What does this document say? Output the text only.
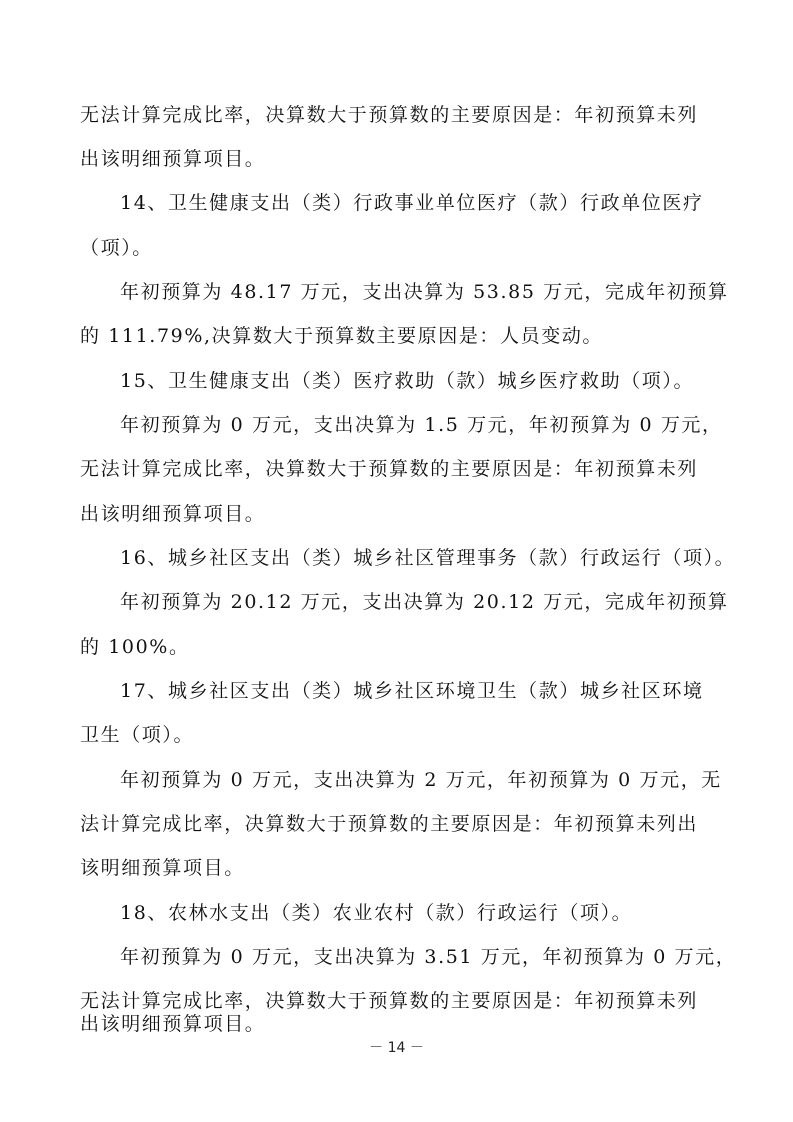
无法计算完成比率，决算数大于预算数的主要原因是：年初预算未列
出该明细预算项目。
14、卫生健康支出（类）行政事业单位医疗（款）行政单位医疗
（项）。
年初预算为 48.17 万元，支出决算为 53.85 万元，完成年初预算
的 111.79%,决算数大于预算数主要原因是：人员变动。
15、卫生健康支出（类）医疗救助（款）城乡医疗救助（项）。
年初预算为 0 万元，支出决算为 1.5 万元，年初预算为 0 万元，
无法计算完成比率，决算数大于预算数的主要原因是：年初预算未列
出该明细预算项目。
16、城乡社区支出（类）城乡社区管理事务（款）行政运行（项）。
年初预算为 20.12 万元，支出决算为 20.12 万元，完成年初预算
的 100%。
17、城乡社区支出（类）城乡社区环境卫生（款）城乡社区环境
卫生（项）。
年初预算为 0 万元，支出决算为 2 万元，年初预算为 0 万元，无
法计算完成比率，决算数大于预算数的主要原因是：年初预算未列出
该明细预算项目。
18、农林水支出（类）农业农村（款）行政运行（项）。
年初预算为 0 万元，支出决算为 3.51 万元，年初预算为 0 万元，
无法计算完成比率，决算数大于预算数的主要原因是：年初预算未列
出该明细预算项目。
－ 14 －
